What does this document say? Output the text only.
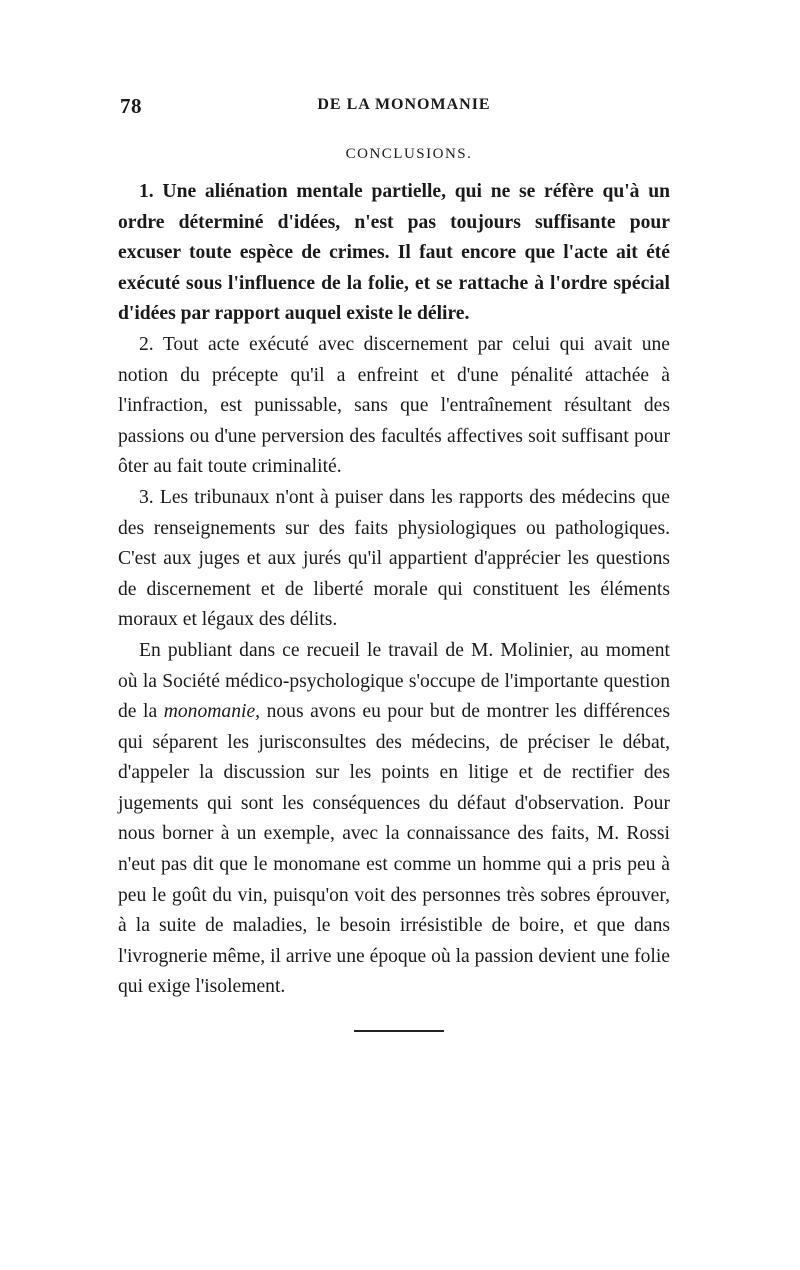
78	DE LA MONOMANIE
CONCLUSIONS.

1. Une aliénation mentale partielle, qui ne se réfère qu'à un ordre déterminé d'idées, n'est pas toujours suffisante pour excuser toute espèce de crimes. Il faut encore que l'acte ait été exécuté sous l'influence de la folie, et se rattache à l'ordre spécial d'idées par rapport auquel existe le délire.

2. Tout acte exécuté avec discernement par celui qui avait une notion du précepte qu'il a enfreint et d'une pénalité attachée à l'infraction, est punissable, sans que l'entraînement résultant des passions ou d'une perversion des facultés affectives soit suffisant pour ôter au fait toute criminalité.

3. Les tribunaux n'ont à puiser dans les rapports des médecins que des renseignements sur des faits physiologiques ou pathologiques. C'est aux juges et aux jurés qu'il appartient d'apprécier les questions de discernement et de liberté morale qui constituent les éléments moraux et légaux des délits.

En publiant dans ce recueil le travail de M. Molinier, au moment où la Société médico-psychologique s'occupe de l'importante question de la monomanie, nous avons eu pour but de montrer les différences qui séparent les jurisconsultes des médecins, de préciser le débat, d'appeler la discussion sur les points en litige et de rectifier des jugements qui sont les conséquences du défaut d'observation. Pour nous borner à un exemple, avec la connaissance des faits, M. Rossi n'eut pas dit que le monomane est comme un homme qui a pris peu à peu le goût du vin, puisqu'on voit des personnes très sobres éprouver, à la suite de maladies, le besoin irrésistible de boire, et que dans l'ivrognerie même, il arrive une époque où la passion devient une folie qui exige l'isolement.
